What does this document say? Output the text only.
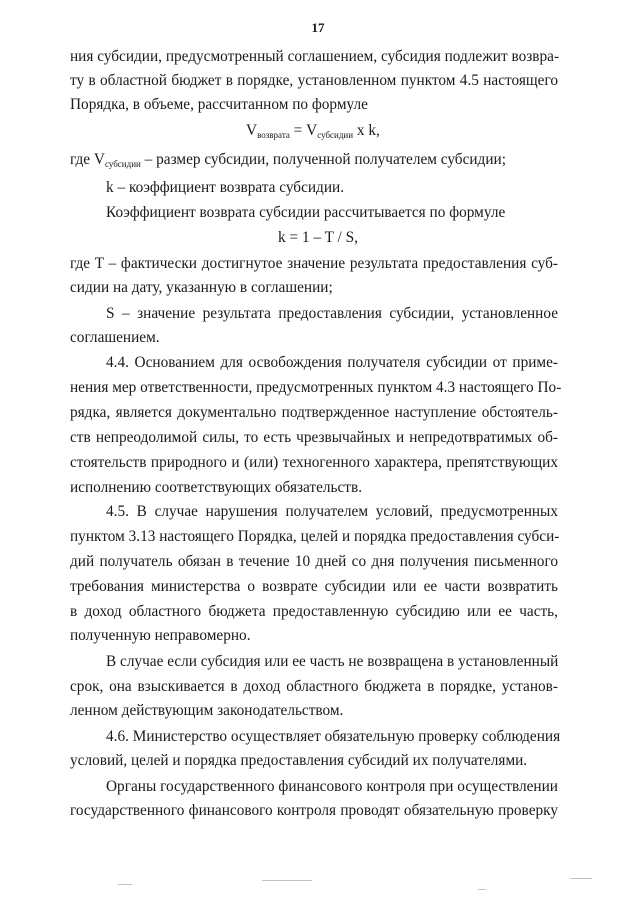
17
ния субсидии, предусмотренный соглашением, субсидия подлежит возвра-
ту в областной бюджет в порядке, установленном пунктом 4.5 настоящего
Порядка, в объеме, рассчитанном по формуле
$V_{возврата} = V_{субсидии}$ x k,
где $V_{субсидии}$ – размер субсидии, полученной получателем субсидии;
k – коэффициент возврата субсидии.
Коэффициент возврата субсидии рассчитывается по формуле
k = 1 – T / S,
где T – фактически достигнутое значение результата предоставления суб-
сидии на дату, указанную в соглашении;
S – значение результата предоставления субсидии, установленное
соглашением.
4.4. Основанием для освобождения получателя субсидии от приме-
нения мер ответственности, предусмотренных пунктом 4.3 настоящего По-
рядка, является документально подтвержденное наступление обстоятель-
ств непреодолимой силы, то есть чрезвычайных и непредотвратимых об-
стоятельств природного и (или) техногенного характера, препятствующих
исполнению соответствующих обязательств.
4.5. В случае нарушения получателем условий, предусмотренных
пунктом 3.13 настоящего Порядка, целей и порядка предоставления субси-
дий получатель обязан в течение 10 дней со дня получения письменного
требования министерства о возврате субсидии или ее части возвратить
в доход областного бюджета предоставленную субсидию или ее часть,
полученную неправомерно.
В случае если субсидия или ее часть не возвращена в установленный
срок, она взыскивается в доход областного бюджета в порядке, установ-
ленном действующим законодательством.
4.6. Министерство осуществляет обязательную проверку соблюдения
условий, целей и порядка предоставления субсидий их получателями.
Органы государственного финансового контроля при осуществлении
государственного финансового контроля проводят обязательную проверку
